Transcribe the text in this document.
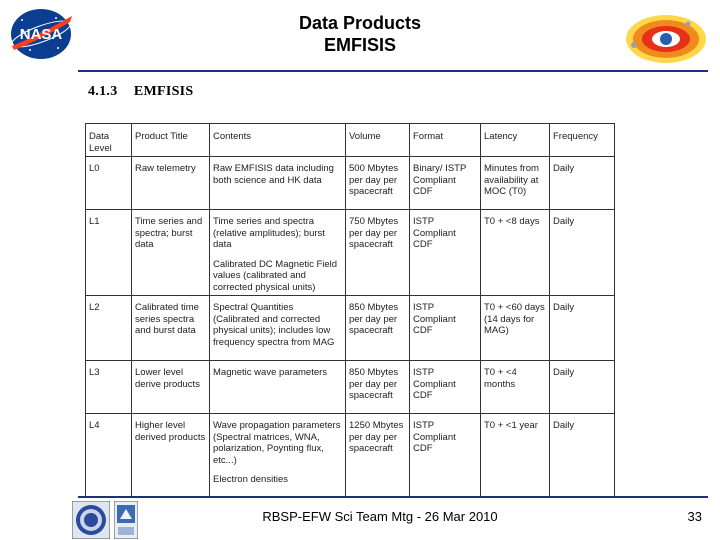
NASA
Data Products
EMFISIS
4.1.3 EMFISIS
Data Level	Product Title	Contents	Volume	Format	Latency	Frequency
L0	Raw telemetry	Raw EMFISIS data including both science and HK data	500 Mbytes per day per spacecraft	Binary/ ISTP Compliant CDF	Minutes from availability at MOC (T0)	Daily
L1	Time series and spectra; burst data	Time series and spectra (relative amplitudes); burst data
Calibrated DC Magnetic Field values (calibrated and corrected physical units)	750 Mbytes per day per spacecraft	ISTP Compliant CDF	T0 + <8 days	Daily
L2	Calibrated time series spectra and burst data	Spectral Quantities (Calibrated and corrected physical units); includes low frequency spectra from MAG	850 Mbytes per day per spacecraft	ISTP Compliant CDF	T0 + <60 days (14 days for MAG)	Daily
L3	Lower level derive products	Magnetic wave parameters	850 Mbytes per day per spacecraft	ISTP Compliant CDF	T0 + <4 months	Daily
L4	Higher level derived products	Wave propagation parameters (Spectral matrices, WNA, polarization, Poynting flux, etc...)
Electron densities	1250 Mbytes per day per spacecraft	ISTP Compliant CDF	T0 + <1 year	Daily
RBSP-EFW Sci Team Mtg - 26 Mar 2010	33
